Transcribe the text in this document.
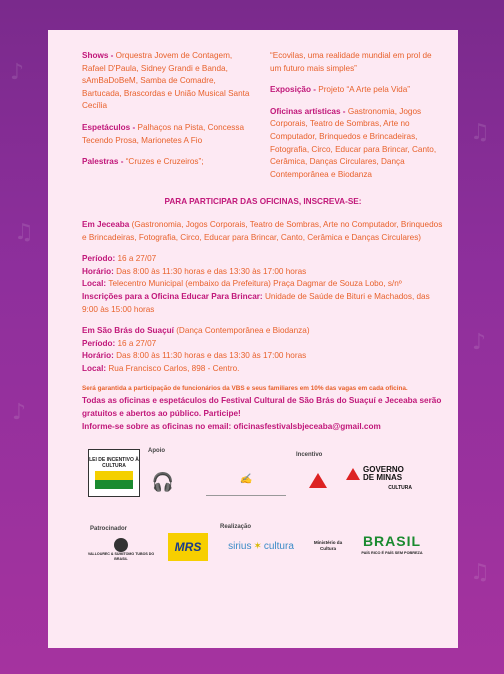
♪
♫
♪
♫
♪
♫

Shows - Orquestra Jovem de Contagem, Rafael D'Paula, Sidney Grandi e Banda, sAmBaDoBeM, Samba de Comadre, Bartucada, Brascordas e União Musical Santa Cecília

Espetáculos - Palhaços na Pista, Concessa Tecendo Prosa, Marionetes A Fio

Palestras - “Cruzes e Cruzeiros”;

“Ecovilas, uma realidade mundial em prol de um futuro mais simples”

Exposição - Projeto “A Arte pela Vida”

Oficinas artísticas - Gastronomia, Jogos Corporais, Teatro de Sombras, Arte no Computador, Brinquedos e Brincadeiras, Fotografia, Circo, Educar para Brincar, Canto, Cerâmica, Danças Circulares, Dança Contemporânea e Biodanza

PARA PARTICIPAR DAS OFICINAS, INSCREVA-SE:
Em Jeceaba (Gastronomia, Jogos Corporais, Teatro de Sombras, Arte no Computador, Brinquedos e Brincadeiras, Fotografia, Circo, Educar para Brincar, Canto, Cerâmica e Danças Circulares)
Período: 16 a 27/07
Horário: Das 8:00 às 11:30 horas e das 13:30 às 17:00 horas
Local: Telecentro Municipal (embaixo da Prefeitura) Praça Dagmar de Souza Lobo, s/nº
Inscrições para a Oficina Educar Para Brincar: Unidade de Saúde de Bituri e Machados, das 9:00 às 15:00 horas
Em São Brás do Suaçuí (Dança Contemporânea e Biodanza)
Período: 16 a 27/07
Horário: Das 8:00 às 11:30 horas e das 13:30 às 17:00 horas
Local: Rua Francisco Carlos, 898 - Centro.
Será garantida a participação de funcionários da VBS e seus familiares em 10% das vagas em cada oficina.
Todas as oficinas e espetáculos do Festival Cultural de São Brás do Suaçuí e Jeceaba serão gratuitos e abertos ao público. Participe!
Informe-se sobre as oficinas no email: oficinasfestivalsbjeceaba@gmail.com
LEI DE INCENTIVO À CULTURA
Apoio
🎧	✍
Incentivo
GOVERNO DE MINAS
CULTURA
Patrocinador
VALLOUREC & SUMITOMO TUBOS DO BRASIL
Realização
MRS	sirius ✶ cultura	Ministério da Cultura
BRASIL
PAÍS RICO É PAÍS SEM POBREZA
